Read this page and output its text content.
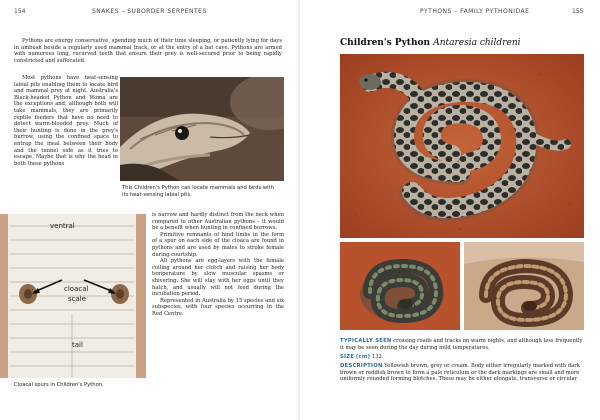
154	SNAKES – SUBORDER SERPENTES

Pythons are energy conservative, spending much of their time sleeping, or patiently lying for days in ambush beside a regularly used mammal track, or at the entry of a bat cave. Pythons are armed with numerous long, recurved teeth that ensure their prey is well-secured prior to being rapidly constricted and suffocated.

Most pythons have heat-sensing labial pits enabling them to locate bird and mammal prey at night. Australia's Black-headed Python and Woma are the exceptions and, although both will take mammals, they are primarily reptile feeders that have no need to detect warm-blooded prey. Much of their hunting is done in the prey's burrow, using the confined space to entrap the meal between their body and the tunnel side as it tries to escape. Maybe that is why the head in both these pythons

This Children's Python can locate mammals and birds with its heat-sensing labial pits.
ventral
cloacal
scale
tail
Cloacal spurs in Children's Python.

is narrow and hardly distinct from the neck when compared to other Australian pythons – it would be a benefit when hunting in confined burrows.

Primitive remnants of hind limbs in the form of a spur on each side of the cloaca are found in pythons and are used by males to stroke female during courtship.

All pythons are egg-layers with the female coiling around her clutch and raising her body temperature by slow muscular spasms or shivering. She will stay with her eggs until they hatch, and usually will not feed during the incubation period.

Represented in Australia by 15 species and six subspecies, with four species occurring in the Red Centre.

PYTHONS – FAMILY PYTHONIDAE	155
Children's Python Antaresia childreni
TYPICALLY SEEN crossing roads and tracks on warm nights, and although less frequently it may be seen during the day during mild temperatures.
SIZE (cm) 132.
DESCRIPTION Yellowish brown, grey or cream. Body either irregularly marked with dark brown or reddish brown to form a pale reticulum or the dark markings are small and more uniformly rounded forming blotches. These may be either elongate, transverse or circular
